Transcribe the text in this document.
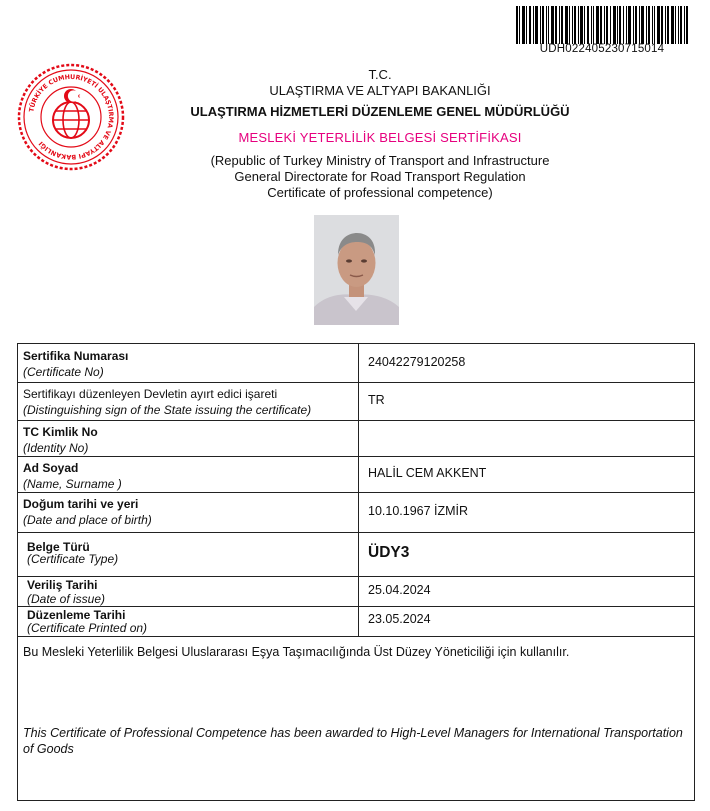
UDH022405230715014
TÜRKİYE CUMHURİYETİ ULAŞTIRMA VE ALTYAPI BAKANLIĞI
T.C.
ULAŞTIRMA VE ALTYAPI BAKANLIĞI
ULAŞTIRMA HİZMETLERİ DÜZENLEME GENEL MÜDÜRLÜĞÜ
MESLEKİ YETERLİLİK BELGESİ SERTİFİKASI
(Republic of Turkey Ministry of Transport and Infrastructure
General Directorate for Road Transport Regulation
Certificate of professional competence)
Sertifika Numarası
(Certificate No)
24042279120258
Sertifikayı düzenleyen Devletin ayırt edici işareti
(Distinguishing sign of the State issuing the certificate)
TR
TC Kimlik No
(Identity No)
Ad Soyad
(Name, Surname )
HALİL CEM AKKENT
Doğum tarihi ve yeri
(Date and place of birth)
10.10.1967 İZMİR
Belge Türü
(Certificate Type)	ÜDY3
Veriliş Tarihi
(Date of issue)
25.04.2024
Düzenleme Tarihi
(Certificate Printed on)
23.05.2024
Bu Mesleki Yeterlilik Belgesi Uluslararası Eşya Taşımacılığında Üst Düzey Yöneticiliği için kullanılır.
This Certificate of Professional Competence has been awarded to High-Level Managers for International Transportation of Goods
